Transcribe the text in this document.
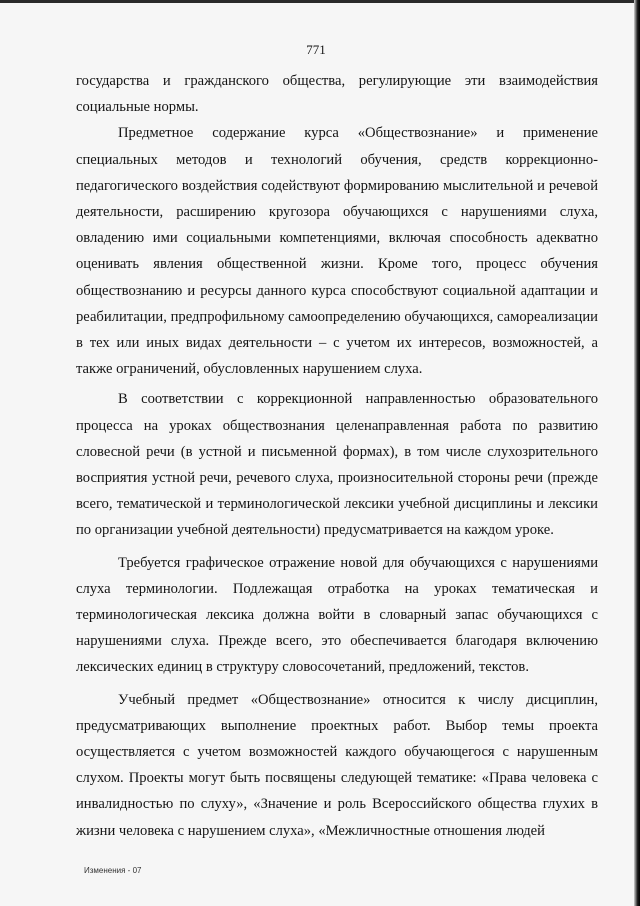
771

государства и гражданского общества, регулирующие эти взаимодействия социальные нормы.

Предметное содержание курса «Обществознание» и применение специальных методов и технологий обучения, средств коррекционно-педагогического воздействия содействуют формированию мыслительной и речевой деятельности, расширению кругозора обучающихся с нарушениями слуха, овладению ими социальными компетенциями, включая способность адекватно оценивать явления общественной жизни. Кроме того, процесс обучения обществознанию и ресурсы данного курса способствуют социальной адаптации и реабилитации, предпрофильному самоопределению обучающихся, самореализации в тех или иных видах деятельности – с учетом их интересов, возможностей, а также ограничений, обусловленных нарушением слуха.

В соответствии с коррекционной направленностью образовательного процесса на уроках обществознания целенаправленная работа по развитию словесной речи (в устной и письменной формах), в том числе слухозрительного восприятия устной речи, речевого слуха, произносительной стороны речи (прежде всего, тематической и терминологической лексики учебной дисциплины и лексики по организации учебной деятельности) предусматривается на каждом уроке.

Требуется графическое отражение новой для обучающихся с нарушениями слуха терминологии. Подлежащая отработка на уроках тематическая и терминологическая лексика должна войти в словарный запас обучающихся с нарушениями слуха. Прежде всего, это обеспечивается благодаря включению лексических единиц в структуру словосочетаний, предложений, текстов.

Учебный предмет «Обществознание» относится к числу дисциплин, предусматривающих выполнение проектных работ. Выбор темы проекта осуществляется с учетом возможностей каждого обучающегося с нарушенным слухом. Проекты могут быть посвящены следующей тематике: «Права человека с инвалидностью по слуху», «Значение и роль Всероссийского общества глухих в жизни человека с нарушением слуха», «Межличностные отношения людей

Изменения - 07
